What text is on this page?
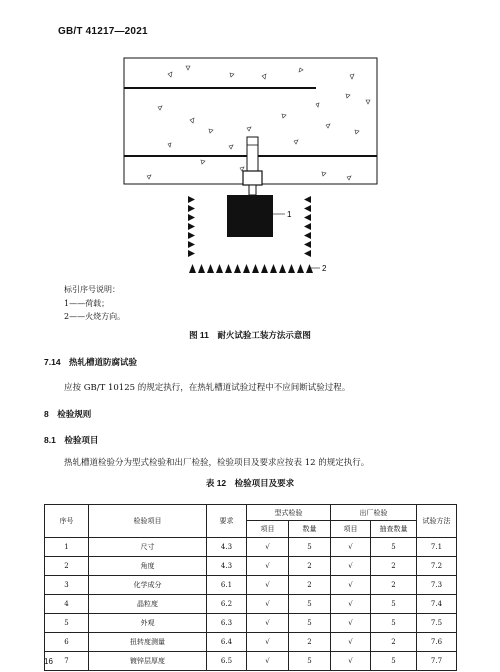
GB/T 41217—2021
1
2
标引序号说明：
1——荷载；
2——火烧方向。
图 11　耐火试验工装方法示意图
7.14　热轧槽道防腐试验
应按 GB/T 10125 的规定执行，在热轧槽道试验过程中不应间断试验过程。
8　检验规则
8.1　检验项目
热轧槽道检验分为型式检验和出厂检验，检验项目及要求应按表 12 的规定执行。
表 12　检验项目及要求
序号	检验项目	要求	型式检验		出厂检验		试验方法
			项目	数量	项目	抽查数量	
1	尺寸	4.3	√	5	√	5	7.1
2	角度	4.3	√	2	√	2	7.2
3	化学成分	6.1	√	2	√	2	7.3
4	晶粒度	6.2	√	5	√	5	7.4
5	外观	6.3	√	5	√	5	7.5
6	扭转度测量	6.4	√	2	√	2	7.6
7	镀锌层厚度	6.5	√	5	√	5	7.7
16
